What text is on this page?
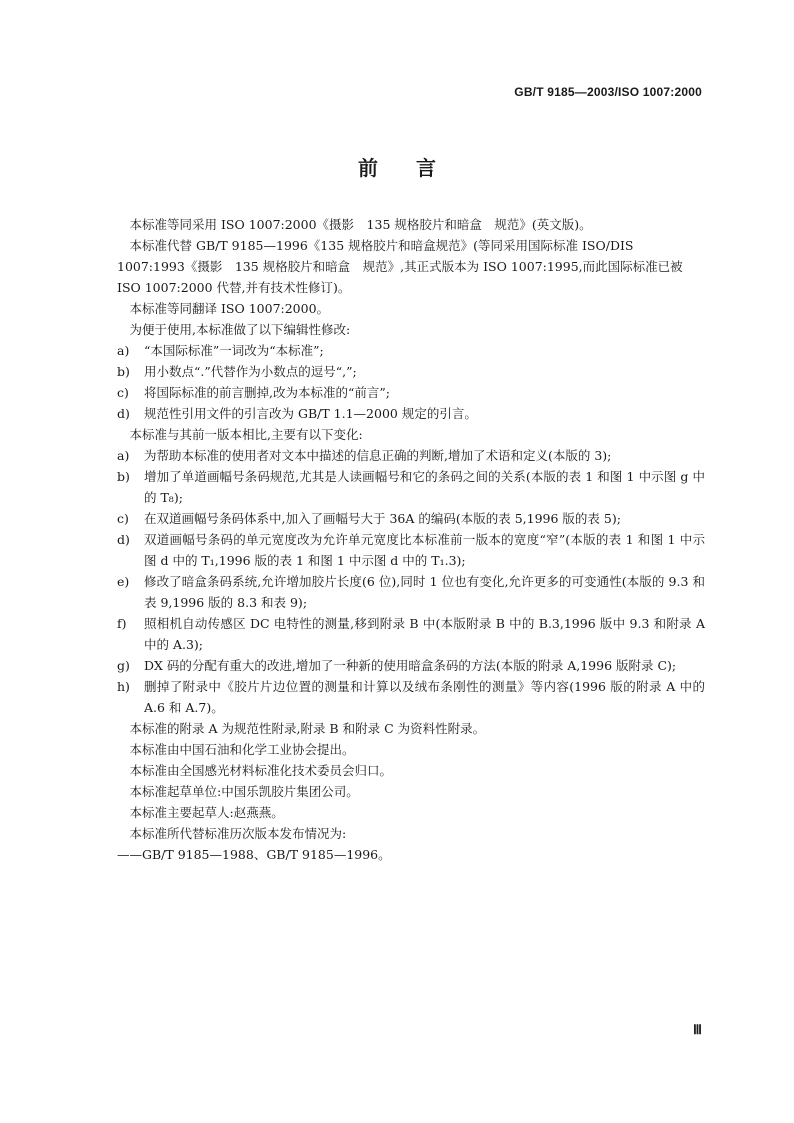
GB/T 9185—2003/ISO 1007:2000
前 言

　本标准等同采用 ISO 1007:2000《摄影　135 规格胶片和暗盒　规范》(英文版)。

　本标准代替 GB/T 9185—1996《135 规格胶片和暗盒规范》(等同采用国际标准 ISO/DIS 1007:1993《摄影　135 规格胶片和暗盒　规范》,其正式版本为 ISO 1007:1995,而此国际标准已被 ISO 1007:2000 代替,并有技术性修订)。

　本标准等同翻译 ISO 1007:2000。

　为便于使用,本标准做了以下编辑性修改:

a)	“本国际标准”一词改为“本标准”;
b)	用小数点“.”代替作为小数点的逗号“,”;
c)	将国际标准的前言删掉,改为本标准的“前言”;
d)	规范性引用文件的引言改为 GB/T 1.1—2000 规定的引言。

　本标准与其前一版本相比,主要有以下变化:

a)	为帮助本标准的使用者对文本中描述的信息正确的判断,增加了术语和定义(本版的 3);
b)	增加了单道画幅号条码规范,尤其是人读画幅号和它的条码之间的关系(本版的表 1 和图 1 中示图 g 中的 T₈);
c)	在双道画幅号条码体系中,加入了画幅号大于 36A 的编码(本版的表 5,1996 版的表 5);
d)	双道画幅号条码的单元宽度改为允许单元宽度比本标准前一版本的宽度“窄”(本版的表 1 和图 1 中示图 d 中的 T₁,1996 版的表 1 和图 1 中示图 d 中的 T₁.3);
e)	修改了暗盒条码系统,允许增加胶片长度(6 位),同时 1 位也有变化,允许更多的可变通性(本版的 9.3 和表 9,1996 版的 8.3 和表 9);
f)	照相机自动传感区 DC 电特性的测量,移到附录 B 中(本版附录 B 中的 B.3,1996 版中 9.3 和附录 A 中的 A.3);
g)	DX 码的分配有重大的改进,增加了一种新的使用暗盒条码的方法(本版的附录 A,1996 版附录 C);
h)	删掉了附录中《胶片片边位置的测量和计算以及绒布条刚性的测量》等内容(1996 版的附录 A 中的 A.6 和 A.7)。

　本标准的附录 A 为规范性附录,附录 B 和附录 C 为资料性附录。

　本标准由中国石油和化学工业协会提出。

　本标准由全国感光材料标准化技术委员会归口。

　本标准起草单位:中国乐凯胶片集团公司。

　本标准主要起草人:赵燕燕。

　本标准所代替标准历次版本发布情况为:

——GB/T 9185—1988、GB/T 9185—1996。

Ⅲ
